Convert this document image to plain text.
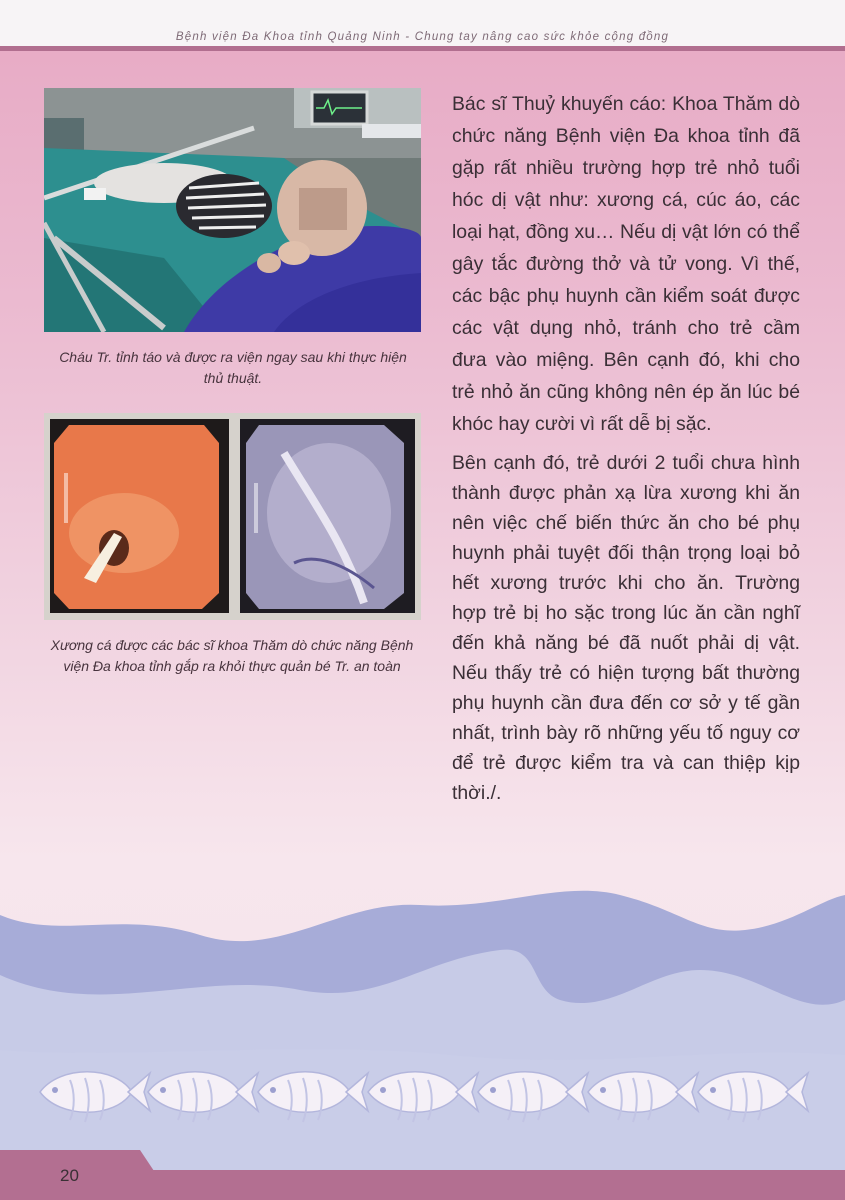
Bệnh viện Đa Khoa tỉnh Quảng Ninh - Chung tay nâng cao sức khỏe cộng đồng
Cháu Tr. tỉnh táo và được ra viện ngay sau khi thực hiện thủ thuật.
Xương cá được các bác sĩ khoa Thăm dò chức năng Bệnh viện Đa khoa tỉnh gắp ra khỏi thực quản bé Tr. an toàn

Bác sĩ Thuỷ khuyến cáo: Khoa Thăm dò chức năng Bệnh viện Đa khoa tỉnh đã gặp rất nhiều trường hợp trẻ nhỏ tuổi hóc dị vật như: xương cá, cúc áo, các loại hạt, đồng xu… Nếu dị vật lớn có thể gây tắc đường thở và tử vong. Vì thế, các bậc phụ huynh cần kiểm soát được các vật dụng nhỏ, tránh cho trẻ cầm đưa vào miệng. Bên cạnh đó, khi cho trẻ nhỏ ăn cũng không nên ép ăn lúc bé khóc hay cười vì rất dễ bị sặc.

Bên cạnh đó, trẻ dưới 2 tuổi chưa hình thành được phản xạ lừa xương khi ăn nên việc chế biến thức ăn cho bé phụ huynh phải tuyệt đối thận trọng loại bỏ hết xương trước khi cho ăn. Trường hợp trẻ bị ho sặc trong lúc ăn cần nghĩ đến khả năng bé đã nuốt phải dị vật. Nếu thấy trẻ có hiện tượng bất thường phụ huynh cần đưa đến cơ sở y tế gần nhất, trình bày rõ những yếu tố nguy cơ để trẻ được kiểm tra và can thiệp kịp thời./.

20
